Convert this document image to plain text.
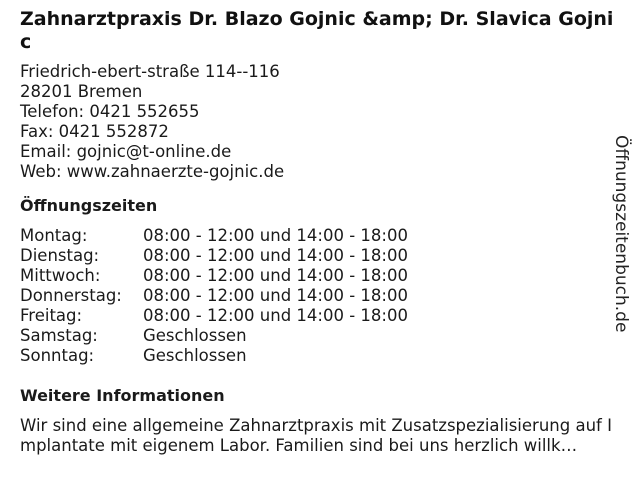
Zahnarztpraxis Dr. Blazo Gojnic &amp; Dr. Slavica Gojnic
Friedrich-ebert-straße 114--116
28201 Bremen
Telefon: 0421 552655
Fax: 0421 552872
Email: gojnic@t-online.de
Web: www.zahnaerzte-gojnic.de
Öffnungszeiten
Montag:	08:00 - 12:00 und 14:00 - 18:00
Dienstag:	08:00 - 12:00 und 14:00 - 18:00
Mittwoch:	08:00 - 12:00 und 14:00 - 18:00
Donnerstag:	08:00 - 12:00 und 14:00 - 18:00
Freitag:	08:00 - 12:00 und 14:00 - 18:00
Samstag:	Geschlossen
Sonntag:	Geschlossen
Weitere Informationen
Wir sind eine allgemeine Zahnarztpraxis mit Zusatzspezialisierung auf Implantate mit eigenem Labor. Familien sind bei uns herzlich willk…
Öffnungszeitenbuch.de
